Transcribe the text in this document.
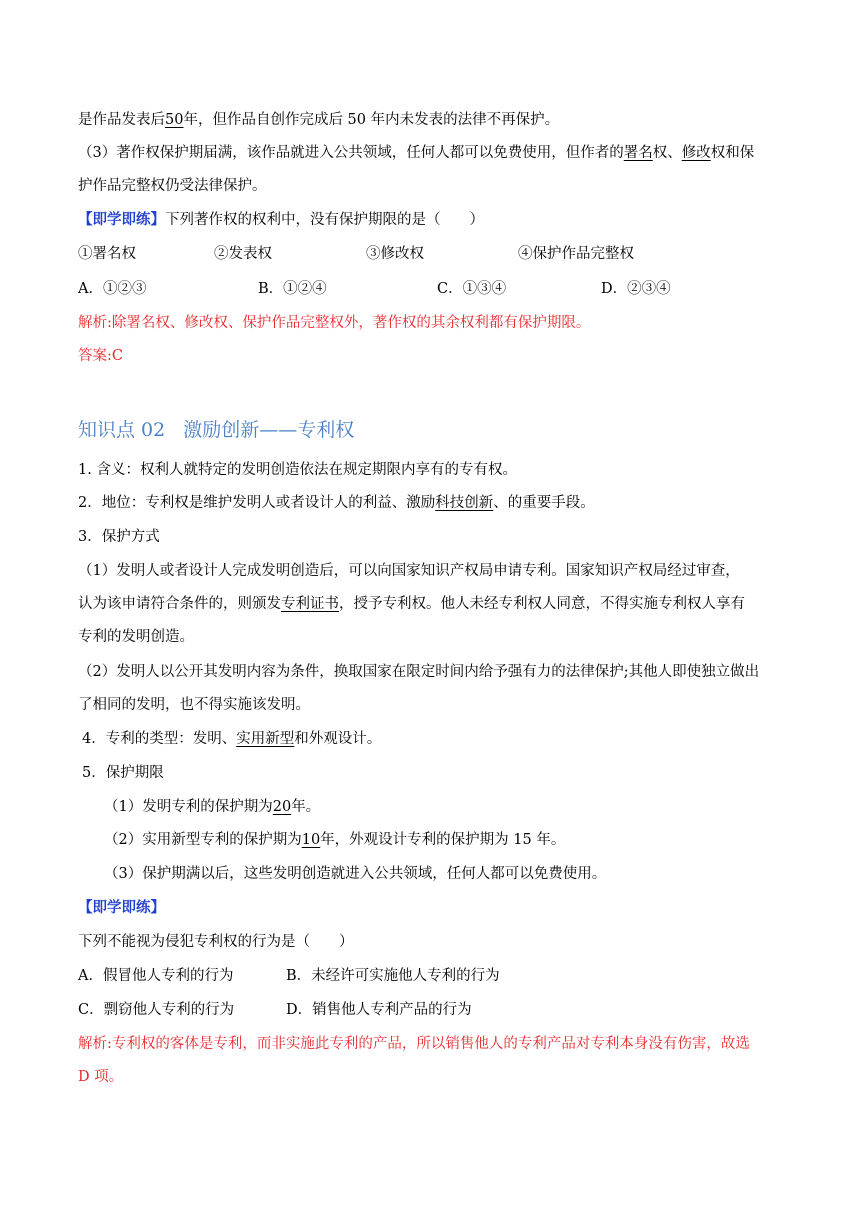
是作品发表后50年，但作品自创作完成后 50 年内未发表的法律不再保护。
（3）著作权保护期届满，该作品就进入公共领域，任何人都可以免费使用，但作者的署名权、修改权和保
护作品完整权仍受法律保护。
【即学即练】下列著作权的权利中，没有保护期限的是（　　）
①署名权	②发表权	③修改权	④保护作品完整权
A．①②③	B．①②④	C．①③④	D．②③④
解析:除署名权、修改权、保护作品完整权外，著作权的其余权利都有保护期限。
答案:C
知识点 02 激励创新——专利权
1. 含义：权利人就特定的发明创造依法在规定期限内享有的专有权。
2．地位：专利权是维护发明人或者设计人的利益、激励科技创新、的重要手段。
3．保护方式
（1）发明人或者设计人完成发明创造后，可以向国家知识产权局申请专利。国家知识产权局经过审查，
认为该申请符合条件的，则颁发专利证书，授予专利权。他人未经专利权人同意，不得实施专利权人享有
专利的发明创造。
（2）发明人以公开其发明内容为条件，换取国家在限定时间内给予强有力的法律保护;其他人即使独立做出
了相同的发明，也不得实施该发明。
4．专利的类型：发明、实用新型和外观设计。
5．保护期限
（1）发明专利的保护期为20年。
（2）实用新型专利的保护期为10年，外观设计专利的保护期为 15 年。
（3）保护期满以后，这些发明创造就进入公共领域，任何人都可以免费使用。
【即学即练】
下列不能视为侵犯专利权的行为是（　　）
A．假冒他人专利的行为	B．未经许可实施他人专利的行为
C．剽窃他人专利的行为	D．销售他人专利产品的行为
解析:专利权的客体是专利，而非实施此专利的产品，所以销售他人的专利产品对专利本身没有伤害，故选
D 项。
